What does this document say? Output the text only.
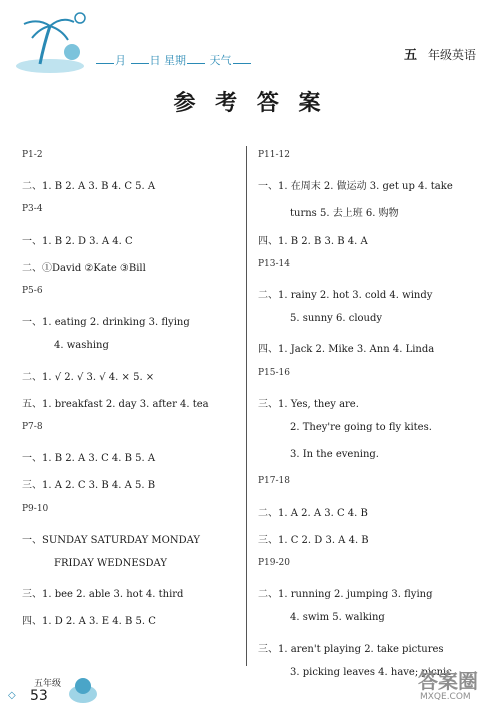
月 日 星期 天气	五 年级英语
参 考 答 案
P1-2
二、1. B 2. A 3. B 4. C 5. A
P3-4
一、1. B 2. D 3. A 4. C
二、①David ②Kate ③Bill
P5-6
一、1. eating 2. drinking 3. flying
4. washing
二、1. √ 2. √ 3. √ 4. × 5. ×
五、1. breakfast 2. day 3. after 4. tea
P7-8
一、1. B 2. A 3. C 4. B 5. A
三、1. A 2. C 3. B 4. A 5. B
P9-10
一、SUNDAY SATURDAY MONDAY
FRIDAY WEDNESDAY
三、1. bee 2. able 3. hot 4. third
四、1. D 2. A 3. E 4. B 5. C
P11-12
一、1. 在周末 2. 做运动 3. get up 4. take
turns 5. 去上班 6. 购物
四、1. B 2. B 3. B 4. A
P13-14
二、1. rainy 2. hot 3. cold 4. windy
5. sunny 6. cloudy
四、1. Jack 2. Mike 3. Ann 4. Linda
P15-16
三、1. Yes, they are.
2. They're going to fly kites.
3. In the evening.
P17-18
二、1. A 2. A 3. C 4. B
三、1. C 2. D 3. A 4. B
P19-20
二、1. running 2. jumping 3. flying
4. swim 5. walking
三、1. aren't playing 2. take pictures
3. picking leaves 4. have; picnic
五年级
◇ 53
答案圈
MXQE.COM
